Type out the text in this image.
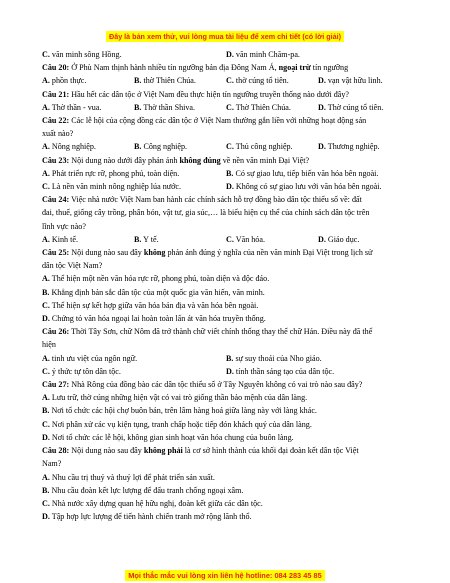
Đây là bản xem thử, vui lòng mua tài liệu để xem chi tiết (có lời giải)
C. văn minh sông Hồng.	D. văn minh Chăm-pa.
Câu 20: Ở Phù Nam thịnh hành nhiều tín ngưỡng bản địa Đông Nam Á, ngoại trừ tín ngưỡng
A. phồn thực.	B. thờ Thiên Chúa.	C. thờ cúng tổ tiên.	D. vạn vật hữu linh.
Câu 21: Hầu hết các dân tộc ở Việt Nam đều thực hiện tín ngưỡng truyền thống nào dưới đây?
A. Thờ thần - vua.	B. Thờ thần Shiva.	C. Thờ Thiên Chúa.	D. Thờ cúng tổ tiên.
Câu 22: Các lễ hội của cộng đồng các dân tộc ở Việt Nam thường gắn liền với những hoạt động sản
xuất nào?
A. Nông nghiệp.	B. Công nghiệp.	C. Thủ công nghiệp.	D. Thương nghiệp.
Câu 23: Nội dung nào dưới đây phản ánh không đúng về nền văn minh Đại Việt?
A. Phát triển rực rỡ, phong phú, toàn diện.	B. Có sự giao lưu, tiếp biến văn hóa bên ngoài.
C. Là nền văn minh nông nghiệp lúa nước.	D. Không có sự giao lưu với văn hóa bên ngoài.
Câu 24: Việc nhà nước Việt Nam ban hành các chính sách hỗ trợ đồng bào dân tộc thiểu số về: đất
đai, thuế, giống cây trồng, phân bón, vật tư, gia súc,… là biểu hiện cụ thể của chính sách dân tộc trên
lĩnh vực nào?
A. Kinh tế.	B. Y tế.	C. Văn hóa.	D. Giáo dục.
Câu 25: Nội dung nào sau đây không phản ánh đúng ý nghĩa của nền văn minh Đại Việt trong lịch sử
dân tộc Việt Nam?
A. Thể hiện một nền văn hóa rực rỡ, phong phú, toàn diện và độc đáo.
B. Khẳng định bản sắc dân tộc của một quốc gia văn hiến, văn minh.
C. Thể hiện sự kết hợp giữa văn hóa bản địa và văn hóa bên ngoài.
D. Chứng tỏ văn hóa ngoại lai hoàn toàn lấn át văn hóa truyền thống.
Câu 26: Thời Tây Sơn, chữ Nôm đã trở thành chữ viết chính thống thay thế chữ Hán. Điều này đã thể
hiện
A. tinh ưu việt của ngôn ngữ.	B. sự suy thoái của Nho giáo.
C. ý thức tự tôn dân tộc.	D. tính thần sáng tạo của dân tộc.
Câu 27: Nhà Rông của đồng bào các dân tộc thiểu số ở Tây Nguyên không có vai trò nào sau đây?
A. Lưu trữ, thờ cúng những hiện vật có vai trò giống thần bảo mệnh của dân làng.
B. Nơi tổ chức các hội chợ buôn bán, trên lâm hàng hoá giữa làng này với làng khác.
C. Nơi phân xử các vụ kiện tụng, tranh chấp hoặc tiếp đón khách quý của dân làng.
D. Nơi tổ chức các lễ hội, không gian sinh hoạt văn hóa chung của buôn làng.
Câu 28: Nội dung nào sau đây không phải là cơ sở hình thành của khối đại đoàn kết dân tộc Việt
Nam?
A. Nhu cầu trị thuỷ và thuỷ lợi để phát triển sản xuất.
B. Nhu cầu đoàn kết lực lượng để đấu tranh chống ngoại xâm.
C. Nhà nước xây dựng quan hệ hữu nghị, đoàn kết giữa các dân tộc.
D. Tập hợp lực lượng để tiến hành chiến tranh mở rộng lãnh thổ.
Mọi thắc mắc vui lòng xin liên hệ hotline: 084 283 45 85
